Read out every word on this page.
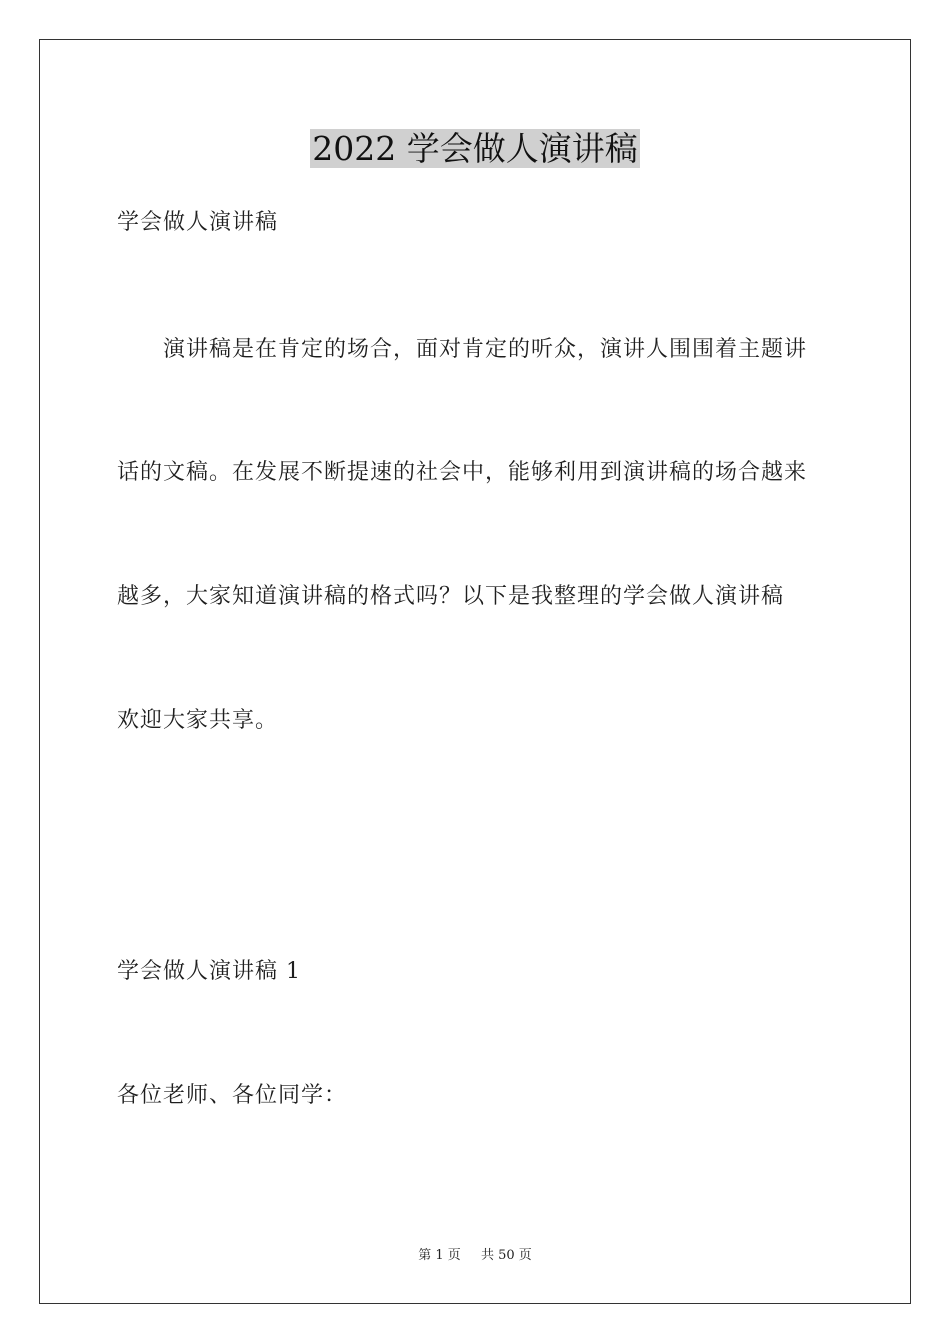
2022 学会做人演讲稿
学会做人演讲稿
演讲稿是在肯定的场合，面对肯定的听众，演讲人围围着主题讲
话的文稿。在发展不断提速的社会中，能够利用到演讲稿的场合越来
越多，大家知道演讲稿的格式吗？以下是我整理的学会做人演讲稿
欢迎大家共享。
学会做人演讲稿 1
各位老师、各位同学：
第 1 页 共 50 页
